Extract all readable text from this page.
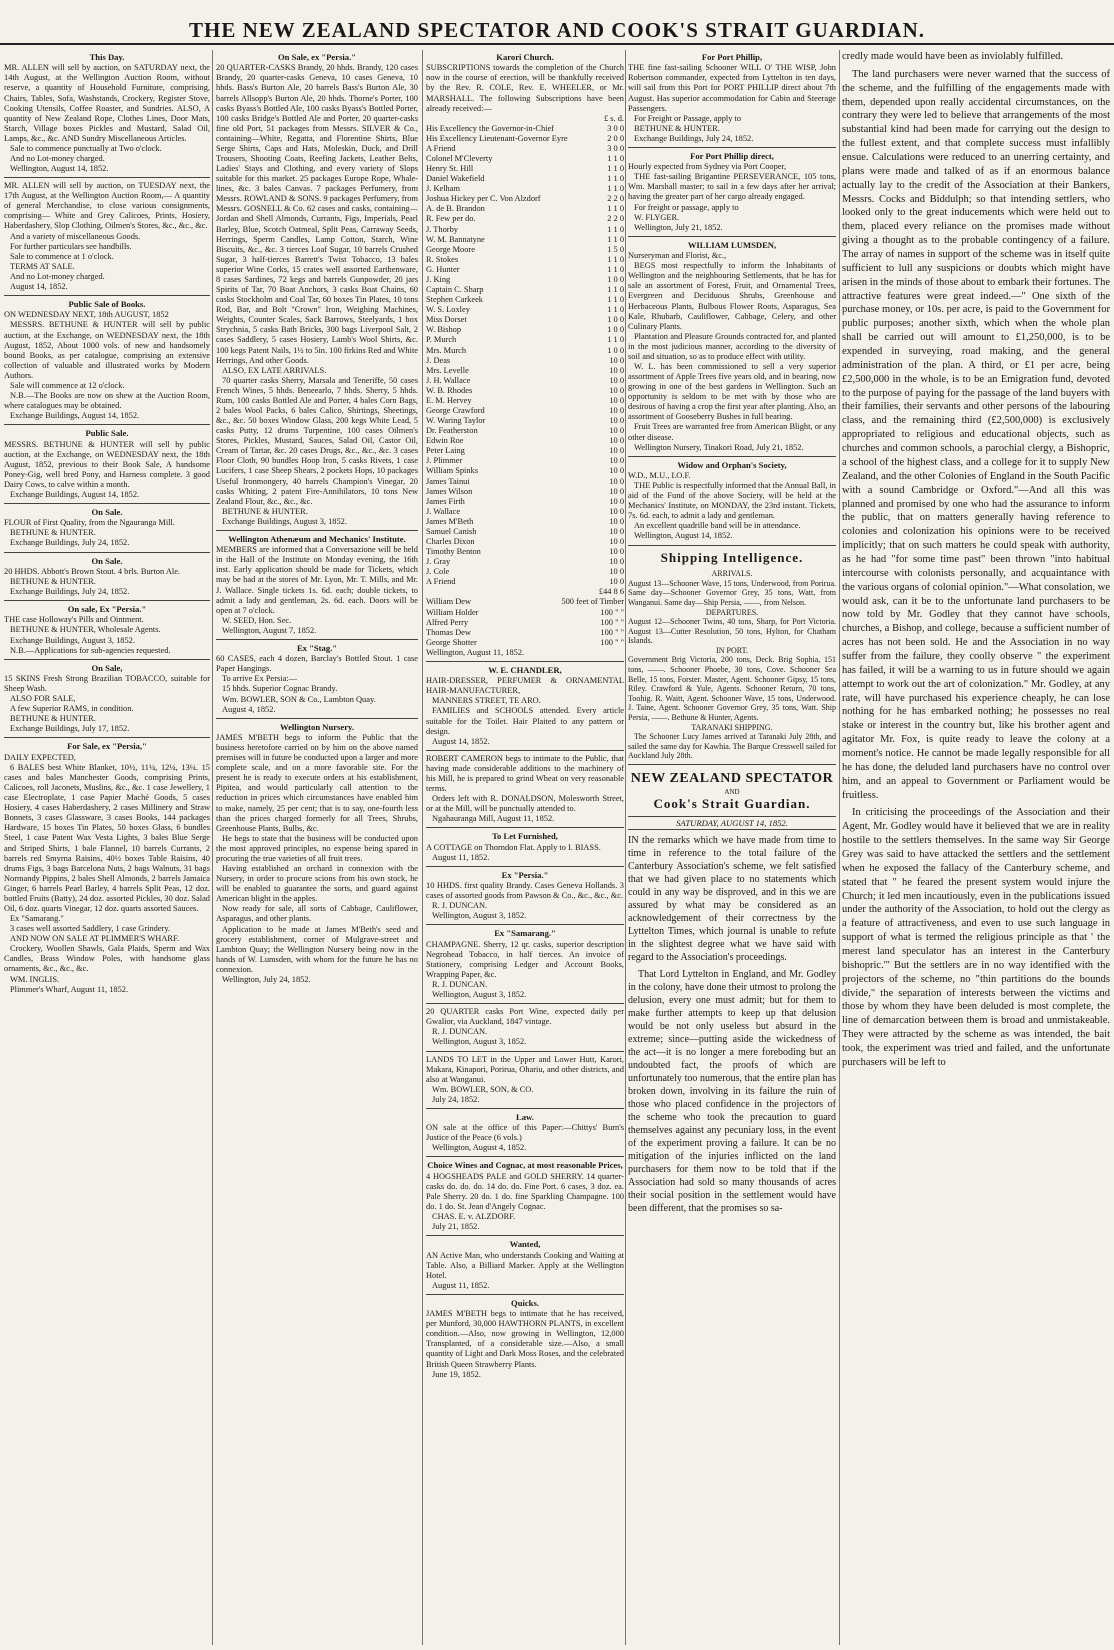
THE NEW ZEALAND SPECTATOR AND COOK'S STRAIT GUARDIAN.
This Day.

MR. ALLEN will sell by auction, on SATURDAY next, the 14th August, at the Wellington Auction Room, without reserve, a quantity of Household Furniture, comprising, Chairs, Tables, Sofa, Washstands, Crockery, Register Stove, Cooking Utensils, Coffee Roaster, and Sundries. ALSO, A quantity of New Zealand Rope, Clothes Lines, Door Mats, Starch, Village boxes Pickles and Mustard, Salad Oil, Lamps, &c., &c. AND Sundry Miscellaneous Articles.

Sale to commence punctually at Two o'clock.

And no Lot-money charged.

Wellington, August 14, 1852.

MR. ALLEN will sell by auction, on TUESDAY next, the 17th August, at the Wellington Auction Room,— A quantity of general Merchandise, to close various consignments, comprising— White and Grey Calicoes, Prints, Hosiery, Haberdashery, Slop Clothing, Oilmen's Stores, &c., &c., &c.

And a variety of miscellaneous Goods.

For further particulars see handbills.

Sale to commence at 1 o'clock.

TERMS AT SALE.

And no Lot-money charged.

August 14, 1852.

Public Sale of Books.

ON WEDNESDAY NEXT, 18th AUGUST, 1852

MESSRS. BETHUNE & HUNTER will sell by public auction, at the Exchange, on WEDNESDAY next, the 18th August, 1852, About 1000 vols. of new and handsomely bound Books, as per catalogue, comprising an extensive collection of valuable and illustrated works by Modern Authors.

Sale will commence at 12 o'clock.

N.B.—The Books are now on shew at the Auction Room, where catalogues may be obtained.

Exchange Buildings, August 14, 1852.

Public Sale.

MESSRS. BETHUNE & HUNTER will sell by public auction, at the Exchange, on WEDNESDAY next, the 18th August, 1852, previous to their Book Sale, A handsome Poney-Gig, well bred Pony, and Harness complete. 3 good Dairy Cows, to calve within a month.

Exchange Buildings, August 14, 1852.

On Sale.

FLOUR of First Quality, from the Ngauranga Mill.

BETHUNE & HUNTER.

Exchange Buildings, July 24, 1852.

On Sale.

20 HHDS. Abbott's Brown Stout. 4 brls. Burton Ale.

BETHUNE & HUNTER.

Exchange Buildings, July 24, 1852.

On sale, Ex "Persia."

THE case Holloway's Pills and Ointment.

BETHUNE & HUNTER, Wholesale Agents.

Exchange Buildings, August 3, 1852.

N.B.—Applications for sub-agencies requested.

On Sale,

15 SKINS Fresh Strong Brazilian TOBACCO, suitable for Sheep Wash.

ALSO FOR SALE,

A few Superior RAMS, in condition.

BETHUNE & HUNTER.

Exchange Buildings, July 17, 1852.

For Sale, ex "Persia,"

DAILY EXPECTED,

6 BALES best White Blanket, 10½, 11¼, 12¼, 13¼. 15 cases and bales Manchester Goods, comprising Prints, Calicoes, roll Jaconets, Muslins, &c., &c. 1 case Jewellery, 1 case Electroplate, 1 case Papier Maché Goods, 5 cases Hosiery, 4 cases Haberdashery, 2 cases Millinery and Straw Bonnets, 3 cases Glassware, 3 cases Books, 144 packages Hardware, 15 boxes Tin Plates, 50 boxes Glass, 6 bundles Steel, 1 case Patent Wax Vesta Lights, 3 bales Blue Serge and Striped Shirts, 1 bale Flannel, 10 barrels Currants, 2 barrels red Smyrna Raisins, 40½ boxes Table Raisins, 40 drums Figs, 3 bags Barcelona Nuts, 2 bags Walnuts, 31 bags Normandy Pippins, 2 bales Shell Almonds, 2 barrels Jamaica Ginger, 6 barrels Pearl Barley, 4 barrels Split Peas, 12 doz. bottled Fruits (Batty), 24 doz. assorted Pickles, 30 doz. Salad Oil, 6 doz. quarts Vinegar, 12 doz. quarts assorted Sauces.

Ex "Samarang."

3 cases well assorted Saddlery, 1 case Grindery.

AND NOW ON SALE AT PLIMMER'S WHARF.

Crockery, Woollen Shawls, Gala Plaids, Sperm and Wax Candles, Brass Window Poles, with handsome glass ornaments, &c., &c., &c.

WM. INGLIS.

Plimmer's Wharf, August 11, 1852.

On Sale, ex "Persia."

20 QUARTER-CASKS Brandy, 20 hhds. Brandy, 120 cases Brandy, 20 quarter-casks Geneva, 10 cases Geneva, 10 hhds. Bass's Burton Ale, 20 barrels Bass's Burton Ale, 30 barrels Allsopp's Burton Ale, 20 hhds. Thorne's Porter, 100 casks Byass's Bottled Ale, 100 casks Byass's Bottled Porter, 100 casks Bridge's Bottled Ale and Porter, 20 quarter-casks fine old Port, 51 packages from Messrs. SILVER & Co., containing—White, Regatta, and Florentine Shirts, Blue Serge Shirts, Caps and Hats, Moleskin, Duck, and Drill Trousers, Shooting Coats, Reefing Jackets, Leather Belts, Ladies' Stays and Clothing, and every variety of Slops suitable for this market. 25 packages Europe Rope, Whale-lines, &c. 3 bales Canvas. 7 packages Perfumery, from Messrs. ROWLAND & SONS. 9 packages Perfumery, from Messrs. GOSNELL & Co. 62 cases and casks, containing—Jordan and Shell Almonds, Currants, Figs, Imperials, Pearl Barley, Blue, Scotch Oatmeal, Split Peas, Carraway Seeds, Herrings, Sperm Candles, Lamp Cotton, Starch, Wine Biscuits, &c., &c. 3 tierces Loaf Sugar, 10 barrels Crushed Sugar, 3 half-tierces Barrett's Twist Tobacco, 13 bales superior Wine Corks, 15 crates well assorted Earthenware, 8 cases Sardines, 72 kegs and barrels Gunpowder, 20 jars Spirits of Tar, 70 Boat Anchors, 3 casks Boat Chains, 60 casks Stockholm and Coal Tar, 60 boxes Tin Plates, 10 tons Rod, Bar, and Bolt "Crown" Iron, Weighing Machines, Weights, Counter Scales, Sack Barrows, Steelyards, 1 box Strychnia, 5 casks Bath Bricks, 300 bags Liverpool Salt, 2 cases Saddlery, 5 cases Hosiery, Lamb's Wool Shirts, &c. 100 kegs Patent Nails, 1½ to 5in. 100 firkins Red and White Herrings, And other Goods.

ALSO, EX LATE ARRIVALS.

70 quarter casks Sherry, Marsala and Teneriffe, 50 cases French Wines, 5 hhds. Beneearlo, 7 hhds. Sherry, 5 hhds. Rum, 100 casks Bottled Ale and Porter, 4 bales Corn Bags, 2 bales Wool Packs, 6 bales Calico, Shirtings, Sheetings, &c., &c. 50 boxes Window Glass, 200 kegs White Lead, 5 casks Putty, 12 drums Turpentine, 100 cases Oilmen's Stores, Pickles, Mustard, Sauces, Salad Oil, Castor Oil, Cream of Tartar, &c. 20 cases Drugs, &c., &c., &c. 3 cases Floor Cloth, 90 bundles Hoop Iron, 5 casks Rivets, 1 case Lucifers, 1 case Sheep Shears, 2 pockets Hops, 10 packages Useful Ironmongery, 40 barrels Champion's Vinegar, 20 casks Whiting, 2 patent Fire-Annihilators, 10 tons New Zealand Flour, &c., &c., &c.

BETHUNE & HUNTER.

Exchange Buildings, August 3, 1852.

Wellington Athenæum and Mechanics' Institute.

MEMBERS are informed that a Conversazione will be held in the Hall of the Institute on Monday evening, the 16th inst. Early application should be made for Tickets, which may be had at the stores of Mr. Lyon, Mr. T. Mills, and Mr. J. Wallace. Single tickets 1s. 6d. each; double tickets, to admit a lady and gentleman, 2s. 6d. each. Doors will be open at 7 o'clock.

W. SEED, Hon. Sec.

Wellington, August 7, 1852.

Ex "Stag."

60 CASES, each 4 dozen, Barclay's Bottled Stout. 1 case Paper Hangings.

To arrive Ex Persia:—

15 hhds. Superior Cognac Brandy.

Wm. BOWLER, SON & Co., Lambton Quay.

August 4, 1852.

Wellington Nursery.

JAMES M'BETH begs to inform the Public that the business heretofore carried on by him on the above named premises will in future be conducted upon a larger and more complete scale, and on a more favorable site. For the present he is ready to execute orders at his establishment, Pipitea, and would particularly call attention to the reduction in prices which circumstances have enabled him to make, namely, 25 per cent; that is to say, one-fourth less than the prices charged formerly for all Trees, Shrubs, Greenhouse Plants, Bulbs, &c.

He begs to state that the business will be conducted upon the most approved principles, no expense being spared in procuring the true varieties of all fruit trees.

Having established an orchard in connexion with the Nursery, in order to procure scions from his own stock, he will be enabled to guarantee the sorts, and guard against American blight in the apples.

Now ready for sale, all sorts of Cabbage, Cauliflower, Asparagus, and other plants.

Application to be made at James M'Beth's seed and grocery establishment, corner of Mulgrave-street and Lambton Quay; the Wellington Nursery being now in the hands of W. Lumsden, with whom for the future he has no connexion.

Wellington, July 24, 1852.

Karori Church.

SUBSCRIPTIONS towards the completion of the Church now in the course of erection, will be thankfully received by the Rev. R. COLE, Rev. E. WHEELER, or Mr. MARSHALL. The following Subscriptions have been already received:—

£ s. d.
His Excellency the Governor-in-Chief	3 0 0
His Excellency Lieutenant-Governor Eyre	2 0 0
A Friend	3 0 0
Colonel M'Cleverty	1 1 0
Henry St. Hill	1 1 0
Daniel Wakefield	1 1 0
J. Kelham	1 1 0
Joshua Hickey per C. Von Alzdorf	2 2 0
A. de B. Brandon	1 1 0
R. Few per do.	2 2 0
J. Thorby	1 1 0
W. M. Bannatyne	1 1 0
George Moore	1 5 0
R. Stokes	1 1 0
G. Hunter	1 1 0
J. King	1 0 0
Captain C. Sharp	1 1 0
Stephen Carkeek	1 1 0
W. S. Loxley	1 1 0
Miss Dorset	1 0 0
W. Bishop	1 0 0
P. Murch	1 1 0
Mrs. Murch	1 0 0
J. Deas	10 0
Mrs. Levelle	10 0
J. H. Wallace	10 0
W. B. Rhodes	10 0
E. M. Hervey	10 0
George Crawford	10 0
W. Waring Taylor	10 0
Dr. Featherston	10 0
Edwin Roe	10 0
Peter Laing	10 0
J. Plimmer	10 0
William Spinks	10 0
James Tainui	10 0
James Wilson	10 0
James Firth	10 0
J. Wallace	10 0
James M'Beth	10 0
Samuel Canish	10 0
Charles Dixon	10 0
Timothy Benton	10 0
J. Gray	10 0
J. Cole	10 0
A Friend	10 0
£44 8 6
William Dew	500 feet of Timber
William Holder	100 " "
Alfred Perry	100 " "
Thomas Dew	100 " "
George Shotter	100 " "
Wellington, August 11, 1852.
W. E. CHANDLER,

HAIR-DRESSER, PERFUMER & ORNAMENTAL HAIR-MANUFACTURER,

MANNERS STREET, TE ARO.

FAMILIES and SCHOOLS attended. Every article suitable for the Toilet. Hair Plaited to any pattern or design.

August 14, 1852.

ROBERT CAMERON begs to intimate to the Public, that having made considerable additions to the machinery of his Mill, he is prepared to grind Wheat on very reasonable terms.

Orders left with R. DONALDSON, Molesworth Street, or at the Mill, will be punctually attended to.

Ngahauranga Mill, August 11, 1852.

To Let Furnished,

A COTTAGE on Thorndon Flat. Apply to I. BIASS.

August 11, 1852.

Ex "Persia."

10 HHDS. first quality Brandy. Cases Geneva Hollands. 3 cases of assorted goods from Pawson & Co., &c., &c., &c.

R. J. DUNCAN.

Wellington, August 3, 1852.

Ex "Samarang."

CHAMPAGNE. Sherry, 12 qr. casks, superior description Negrohead Tobacco, in half tierces. An invoice of Stationery, comprising Ledger and Account Books, Wrapping Paper, &c.

R. J. DUNCAN.

Wellington, August 3, 1852.

20 QUARTER casks Port Wine, expected daily per Gwalior, via Auckland, 1847 vintage.

R. J. DUNCAN.

Wellington, August 3, 1852.

LANDS TO LET in the Upper and Lower Hutt, Karori, Makara, Kinapori, Porirua, Ohariu, and other districts, and also at Wanganui.

Wm. BOWLER, SON, & CO.

July 24, 1852.

Law.

ON sale at the office of this Paper:—Chittys' Burn's Justice of the Peace (6 vols.)

Wellington, August 4, 1852.

Choice Wines and Cognac, at most reasonable Prices,

4 HOGSHEADS PALE and GOLD SHERRY. 14 quarter-casks do. do. do. 14 do. do. Fine Port. 6 cases, 3 doz. ea. Pale Sherry. 20 do. 1 do. fine Sparkling Champagne. 100 do. 1 do. St. Jean d'Angely Cognac.

CHAS. E. v. ALZDORF.

July 21, 1852.

Wanted,

AN Active Man, who understands Cooking and Waiting at Table. Also, a Billiard Marker. Apply at the Wellington Hotel.

August 11, 1852.

Quicks.

JAMES M'BETH begs to intimate that he has received, per Munford, 30,000 HAWTHORN PLANTS, in excellent condition.—Also, now growing in Wellington, 12,000 Transplanted, of a considerable size.—Also, a small quantity of Light and Dark Moss Roses, and the celebrated British Queen Strawberry Plants.

June 19, 1852.

For Port Phillip,

THE fine fast-sailing Schooner WILL O' THE WISP, John Robertson commander, expected from Lyttelton in ten days, will sail from this Port for PORT PHILLIP direct about 7th August. Has superior accommodation for Cabin and Steerage Passengers.

For Freight or Passage, apply to

BETHUNE & HUNTER.

Exchange Buildings, July 24, 1852.

For Port Phillip direct,

Hourly expected from Sydney via Port Cooper,

THE fast-sailing Brigantine PERSEVERANCE, 105 tons, Wm. Marshall master; to sail in a few days after her arrival; having the greater part of her cargo already engaged.

For freight or passage, apply to

W. FLYGER.

Wellington, July 21, 1852.

WILLIAM LUMSDEN,

Nurseryman and Florist, &c.,

BEGS most respectfully to inform the Inhabitants of Wellington and the neighbouring Settlements, that he has for sale an assortment of Forest, Fruit, and Ornamental Trees, Evergreen and Deciduous Shrubs, Greenhouse and Herbaceous Plants, Bulbous Flower Roots, Asparagus, Sea Kale, Rhubarb, Cauliflower, Cabbage, Celery, and other Culinary Plants.

Plantation and Pleasure Grounds contracted for, and planted in the most judicious manner, according to the diversity of soil and situation, so as to produce effect with utility.

W. L. has been commissioned to sell a very superior assortment of Apple Trees five years old, and in bearing, now growing in one of the best gardens in Wellington. Such an opportunity is seldom to be met with by those who are desirous of having a crop the first year after planting. Also, an assortment of Gooseberry Bushes in full bearing.

Fruit Trees are warranted free from American Blight, or any other disease.

Wellington Nursery, Tinakori Road, July 21, 1852.

Widow and Orphan's Society,

W.D., M.U., I.O.F.

THE Public is respectfully informed that the Annual Ball, in aid of the Fund of the above Society, will be held at the Mechanics' Institute, on MONDAY, the 23rd instant. Tickets, 7s. 6d. each, to admit a lady and gentleman.

An excellent quadrille band will be in attendance.

Wellington, August 14, 1852.

Shipping Intelligence.
ARRIVALS.

August 13—Schooner Wave, 15 tons, Underwood, from Porirua. Same day—Schooner Governor Grey, 35 tons, Watt, from Wanganui. Same day—Ship Persia, ——, from Nelson.

DEPARTURES.

August 12—Schooner Twins, 40 tons, Sharp, for Port Victoria. August 13—Cutter Resolution, 50 tons, Hylton, for Chatham Islands.

IN PORT.

Government Brig Victoria, 200 tons, Deck. Brig Sophia, 151 tons, ——. Schooner Phoebe, 30 tons, Cove. Schooner Sea Belle, 15 tons, Forster. Master, Agent. Schooner Gipsy, 15 tons, Riley. Crawford & Yule, Agents. Schooner Return, 70 tons, Toohig. R. Waitt, Agent. Schooner Wave, 15 tons, Underwood. J. Taine, Agent. Schooner Governor Grey, 35 tons, Watt. Ship Persia, ——. Bethune & Hunter, Agents.

TARANAKI SHIPPING.

The Schooner Lucy James arrived at Taranaki July 28th, and sailed the same day for Kawhia. The Barque Cresswell sailed for Auckland July 28th.

NEW ZEALAND SPECTATOR
AND
Cook's Strait Guardian.
SATURDAY, AUGUST 14, 1852.

IN the remarks which we have made from time to time in reference to the total failure of the Canterbury Association's scheme, we felt satisfied that we had given place to no statements which could in any way be disproved, and in this we are assured by what may be considered as an acknowledgement of their correctness by the Lyttelton Times, which journal is unable to refute in the slightest degree what we have said with regard to the Association's proceedings.

That Lord Lyttelton in England, and Mr. Godley in the colony, have done their utmost to prolong the delusion, every one must admit; but for them to make further attempts to keep up that delusion would be not only useless but absurd in the extreme; since—putting aside the wickedness of the act—it is no longer a mere foreboding but an undoubted fact, the proofs of which are unfortunately too numerous, that the entire plan has broken down, involving in its failure the ruin of those who placed confidence in the projectors of the scheme who took the precaution to guard themselves against any pecuniary loss, in the event of the experiment proving a failure. It can be no mitigation of the injuries inflicted on the land purchasers for them now to be told that if the Association had sold so many thousands of acres their social position in the settlement would have been different, that the promises so sa-

credly made would have been as inviolably fulfilled.

The land purchasers were never warned that the success of the scheme, and the fulfilling of the engagements made with them, depended upon really accidental circumstances, on the contrary they were led to believe that arrangements of the most substantial kind had been made for carrying out the design to the fullest extent, and that complete success must infallibly ensue. Calculations were reduced to an unerring certainty, and plans were made and talked of as if an enormous balance actually lay to the credit of the Association at their Bankers, Messrs. Cocks and Biddulph; so that intending settlers, who looked only to the great inducements which were held out to them, placed every reliance on the promises made without giving a thought as to the probable contingency of a failure. The array of names in support of the scheme was in itself quite sufficient to lull any suspicions or doubts which might have arisen in the minds of those about to embark their fortunes. The attractive features were great indeed.—" One sixth of the purchase money, or 10s. per acre, is paid to the Government for public purposes; another sixth, which when the whole plan shall be carried out will amount to £1,250,000, is to be expended in surveying, road making, and the general administration of the plan. A third, or £1 per acre, being £2,500,000 in the whole, is to be an Emigration fund, devoted to the purpose of paying for the passage of the land buyers with their families, their servants and other persons of the labouring class, and the remaining third (£2,500,000) is exclusively appropriated to religious and educational objects, such as churches and common schools, a parochial clergy, a Bishopric, a school of the highest class, and a college for it to supply New Zealand, and the other Colonies of England in the South Pacific with a sound Cambridge or Oxford."—And all this was planned and promised by one who had the assurance to inform the public, that on matters generally having reference to colonies and colonization his opinions were to be received implicitly; that on such matters he could speak with authority, as he had "for some time past" been thrown "into habitual intercourse with colonists personally, and acquaintance with the various organs of colonial opinion."—What consolation, we would ask, can it be to the unfortunate land purchasers to be now told by Mr. Godley that they cannot have schools, churches, a Bishop, and college, because a sufficient number of acres has not been sold. He and the Association in no way suffer from the failure, they coolly observe " the experiment has failed, it will be a warning to us in future should we again attempt to work out the art of colonization." Mr. Godley, at any rate, will have purchased his experience cheaply, he can lose nothing for he has embarked nothing; he possesses no real stake or interest in the country but, like his brother agent and agitator Mr. Fox, is quite ready to leave the colony at a moment's notice. He cannot be made legally responsible for all he has done, the deluded land purchasers have no control over him, and an appeal to Government or Parliament would be fruitless.

In criticising the proceedings of the Association and their Agent, Mr. Godley would have it believed that we are in reality hostile to the settlers themselves. In the same way Sir George Grey was said to have attacked the settlers and the settlement when he exposed the fallacy of the Canterbury scheme, and stated that " he feared the present system would injure the Church; it led men incautiously, even in the publications issued under the authority of the Association, to hold out the clergy as a feature of attractiveness, and even to use such language in support of what is termed the religious principle as that ' the merest land speculator has an interest in the Canterbury bishopric.'" But the settlers are in no way identified with the projectors of the scheme, no "thin partitions do the bounds divide," the separation of interests between the victims and those by whom they have been deluded is most complete, the line of demarcation between them is broad and unmistakeable. They were attracted by the scheme as was intended, the bait took, the experiment was tried and failed, and the unfortunate purchasers will be left to
